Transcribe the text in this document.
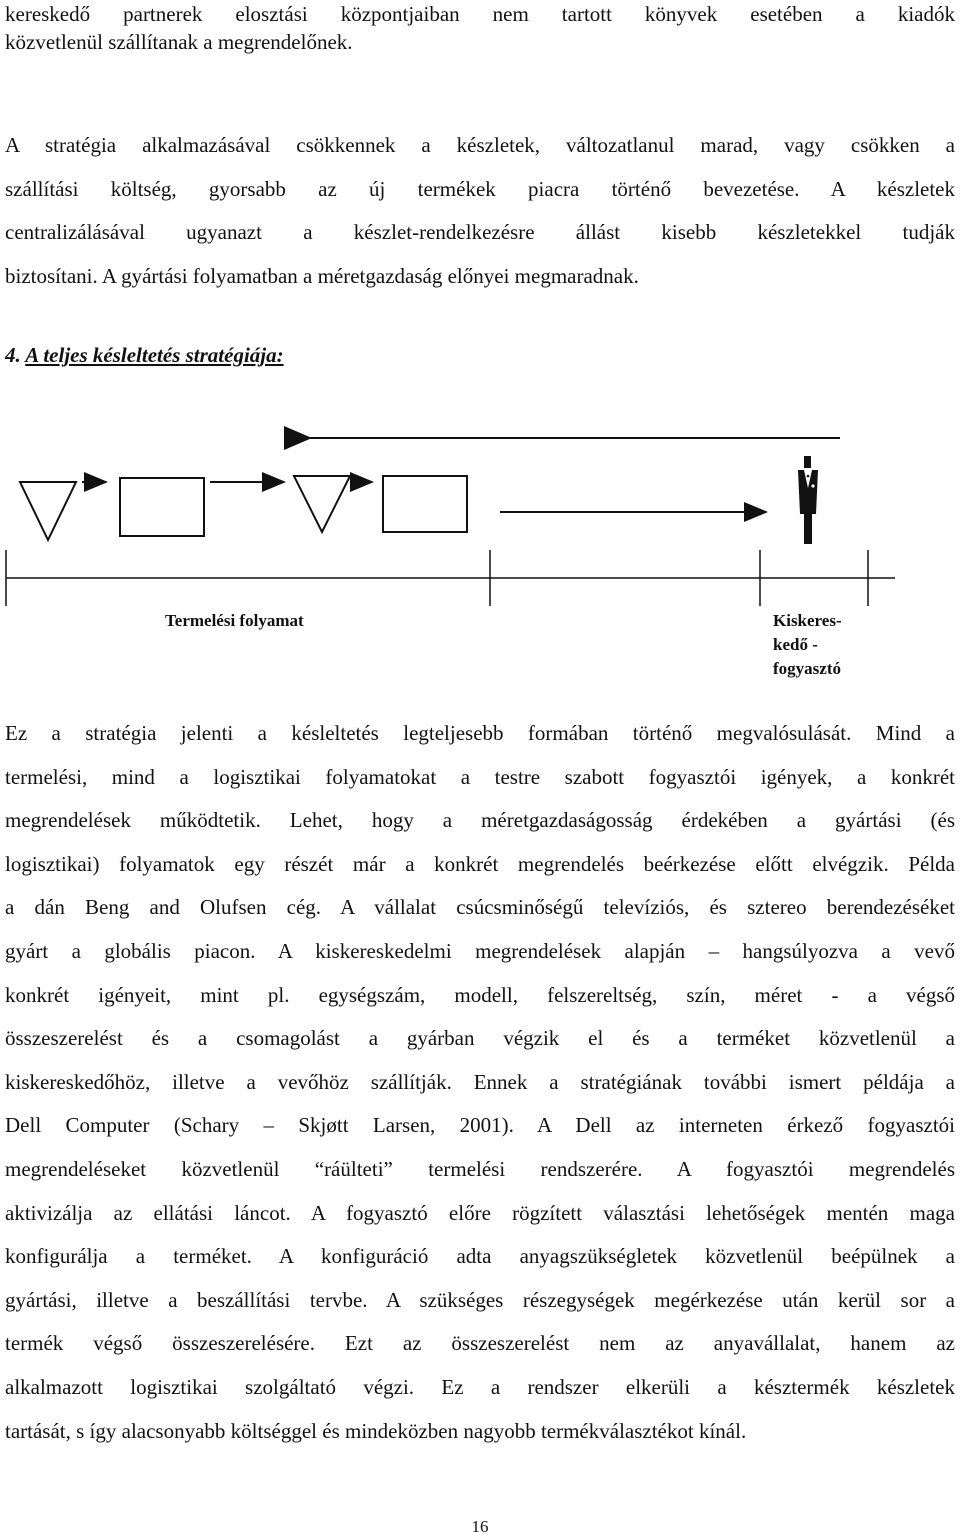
kereskedő partnerek elosztási központjaiban nem tartott könyvek esetében a kiadók
közvetlenül szállítanak a megrendelőnek.
A stratégia alkalmazásával csökkennek a készletek, változatlanul marad, vagy csökken a
szállítási költség, gyorsabb az új termékek piacra történő bevezetése. A készletek
centralizálásával ugyanazt a készlet-rendelkezésre állást kisebb készletekkel tudják
biztosítani. A gyártási folyamatban a méretgazdaság előnyei megmaradnak.
4. A teljes késleltetés stratégiája:
Termelési folyamat	Kiskeres-
kedő -
fogyasztó
Ez a stratégia jelenti a késleltetés legteljesebb formában történő megvalósulását. Mind a
termelési, mind a logisztikai folyamatokat a testre szabott fogyasztói igények, a konkrét
megrendelések működtetik. Lehet, hogy a méretgazdaságosság érdekében a gyártási (és
logisztikai) folyamatok egy részét már a konkrét megrendelés beérkezése előtt elvégzik. Példa
a dán Beng and Olufsen cég. A vállalat csúcsminőségű televíziós, és sztereo berendezéséket
gyárt a globális piacon. A kiskereskedelmi megrendelések alapján – hangsúlyozva a vevő
konkrét igényeit, mint pl. egységszám, modell, felszereltség, szín, méret - a végső
összeszerelést és a csomagolást a gyárban végzik el és a terméket közvetlenül a
kiskereskedőhöz, illetve a vevőhöz szállítják. Ennek a stratégiának további ismert példája a
Dell Computer (Schary – Skjøtt Larsen, 2001). A Dell az interneten érkező fogyasztói
megrendeléseket közvetlenül “ráülteti” termelési rendszerére. A fogyasztói megrendelés
aktivizálja az ellátási láncot. A fogyasztó előre rögzített választási lehetőségek mentén maga
konfigurálja a terméket. A konfiguráció adta anyagszükségletek közvetlenül beépülnek a
gyártási, illetve a beszállítási tervbe. A szükséges részegységek megérkezése után kerül sor a
termék végső összeszerelésére. Ezt az összeszerelést nem az anyavállalat, hanem az
alkalmazott logisztikai szolgáltató végzi. Ez a rendszer elkerüli a késztermék készletek
tartását, s így alacsonyabb költséggel és mindeközben nagyobb termékválasztékot kínál.
16
